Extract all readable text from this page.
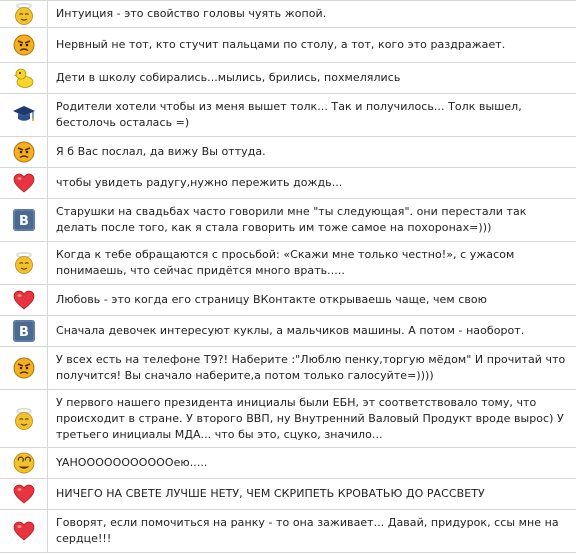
Интуиция - это свойство головы чуять жопой.
Нервный не тот, кто стучит пальцами по столу, а тот, кого это раздражает.
Дети в школу собирались...мылись, брились, похмелялись
Родители хотели чтобы из меня вышет толк... Так и получилось... Толк вышел, бестолочь осталась =)
Я б Вас послал, да вижу Вы оттуда.
чтобы увидеть радугу,нужно пережить дождь...
В
Старушки на свадьбах часто говорили мне "ты следующая". они перестали так делать после того, как я стала говорить им тоже самое на похоронах=)))
Когда к тебе обращаются с просьбой: «Скажи мне только честно!», с ужасом понимаешь, что сейчас придётся много врать.....
Любовь - это когда его страницу ВКонтакте открываешь чаще, чем свою
В	Сначала девочек интересуют куклы, а мальчиков машины. А потом - наоборот.
У всех есть на телефоне Т9?! Наберите :"Люблю пенку,торгую мёдом" И прочитай что получится! Вы сначало наберите,а потом только галосуйте=))))
У первого нашего президента инициалы были ЕБН, эт соответствовало тому, что происходит в стране. У второго ВВП, ну Внутренний Валовый Продукт вроде вырос) У третьего инициалы МДА... что бы это, сцуко, значило...
YAHOOOOOOOOOOOeю.....
НИЧЕГО НА СВЕТЕ ЛУЧШЕ НЕТУ, ЧЕМ СКРИПЕТЬ КРОВАТЬЮ ДО РАССВЕТУ
Говорят, если помочиться на ранку - то она заживает... Давай, придурок, ссы мне на сердце!!!
